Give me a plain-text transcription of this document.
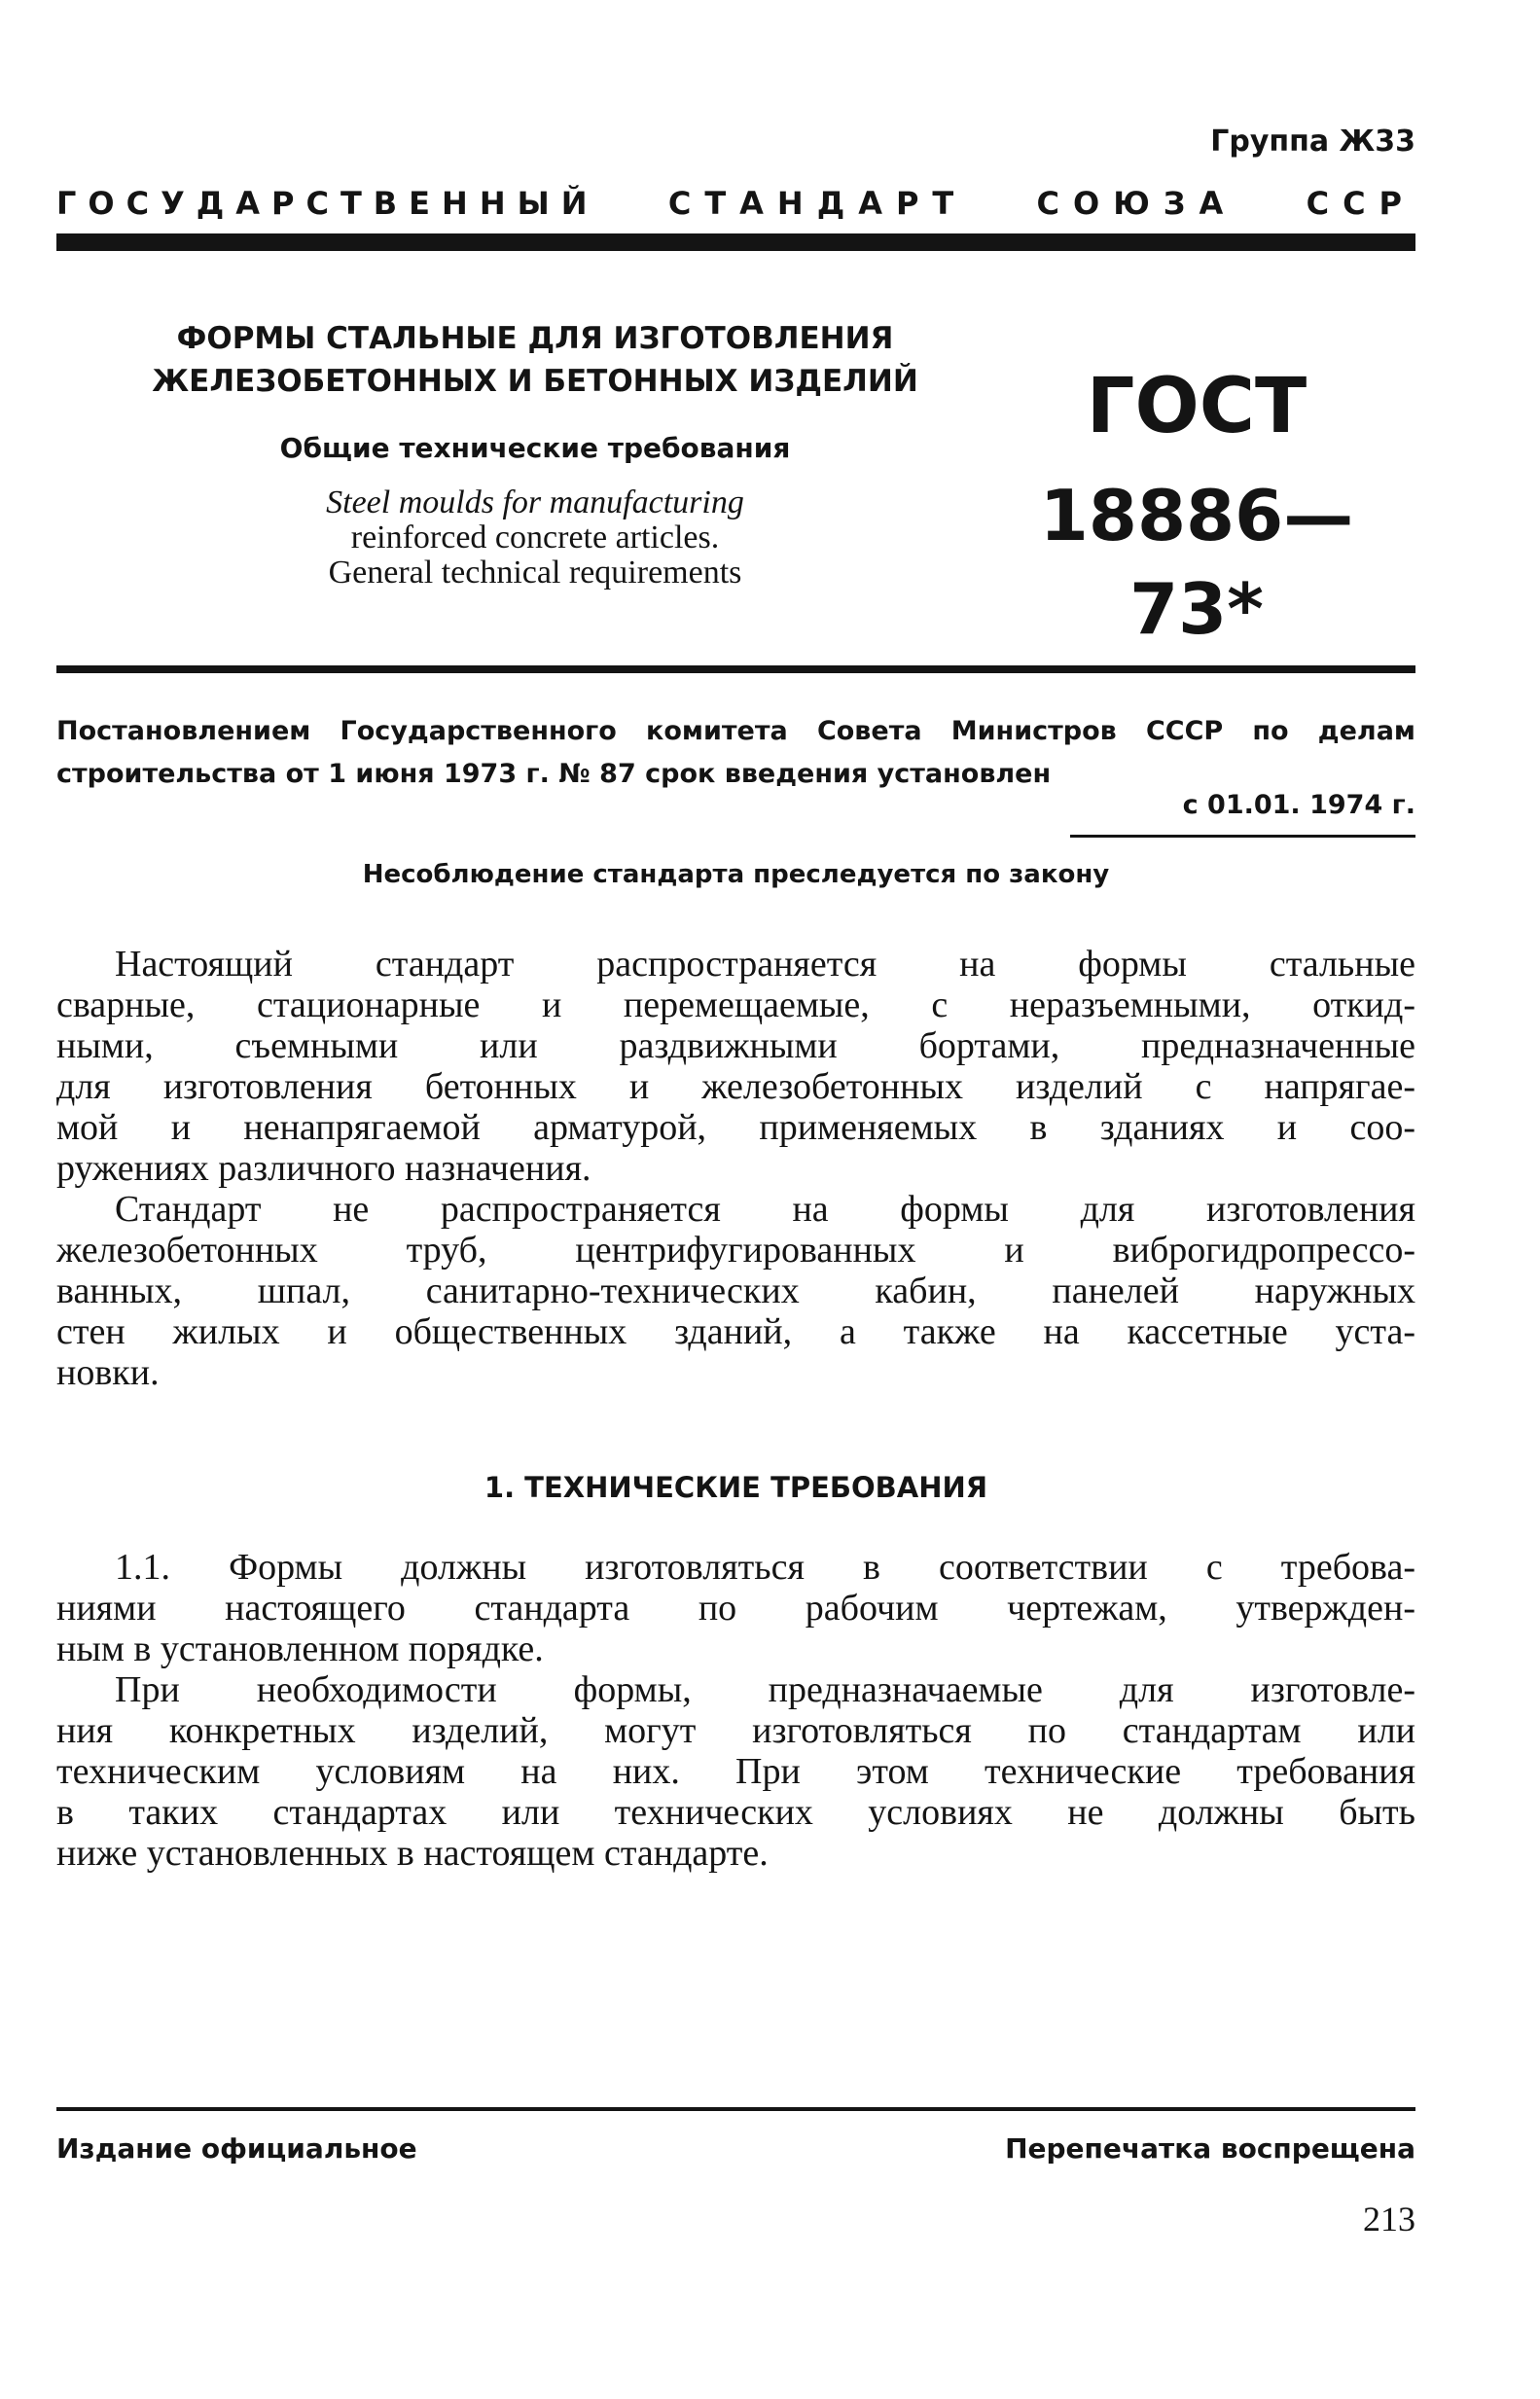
Группа Ж33
ГОСУДАРСТВЕННЫЙ СТАНДАРТ СОЮЗА ССР
ФОРМЫ СТАЛЬНЫЕ ДЛЯ ИЗГОТОВЛЕНИЯ
ЖЕЛЕЗОБЕТОННЫХ И БЕТОННЫХ ИЗДЕЛИЙ
Общие технические требования
Steel moulds for manufacturing
reinforced concrete articles.
General technical requirements
ГОСТ
18886—73*
Постановлением Государственного комитета Совета Министров СССР по делам строительства от 1 июня 1973 г. № 87 срок введения установлен
с 01.01. 1974 г.
Несоблюдение стандарта преследуется по закону
Настоящий стандарт распространяется на формы стальные
сварные, стационарные и перемещаемые, с неразъемными, откид-
ными, съемными или раздвижными бортами, предназначенные
для изготовления бетонных и железобетонных изделий с напрягае-
мой и ненапрягаемой арматурой, применяемых в зданиях и соо-
ружениях различного назначения.
Стандарт не распространяется на формы для изготовления
железобетонных труб, центрифугированных и виброгидропрессо-
ванных, шпал, санитарно-технических кабин, панелей наружных
стен жилых и общественных зданий, а также на кассетные уста-
новки.
1. ТЕХНИЧЕСКИЕ ТРЕБОВАНИЯ
1.1. Формы должны изготовляться в соответствии с требова-
ниями настоящего стандарта по рабочим чертежам, утвержден-
ным в установленном порядке.
При необходимости формы, предназначаемые для изготовле-
ния конкретных изделий, могут изготовляться по стандартам или
техническим условиям на них. При этом технические требования
в таких стандартах или технических условиях не должны быть
ниже установленных в настоящем стандарте.
Издание официальное	Перепечатка воспрещена
213
